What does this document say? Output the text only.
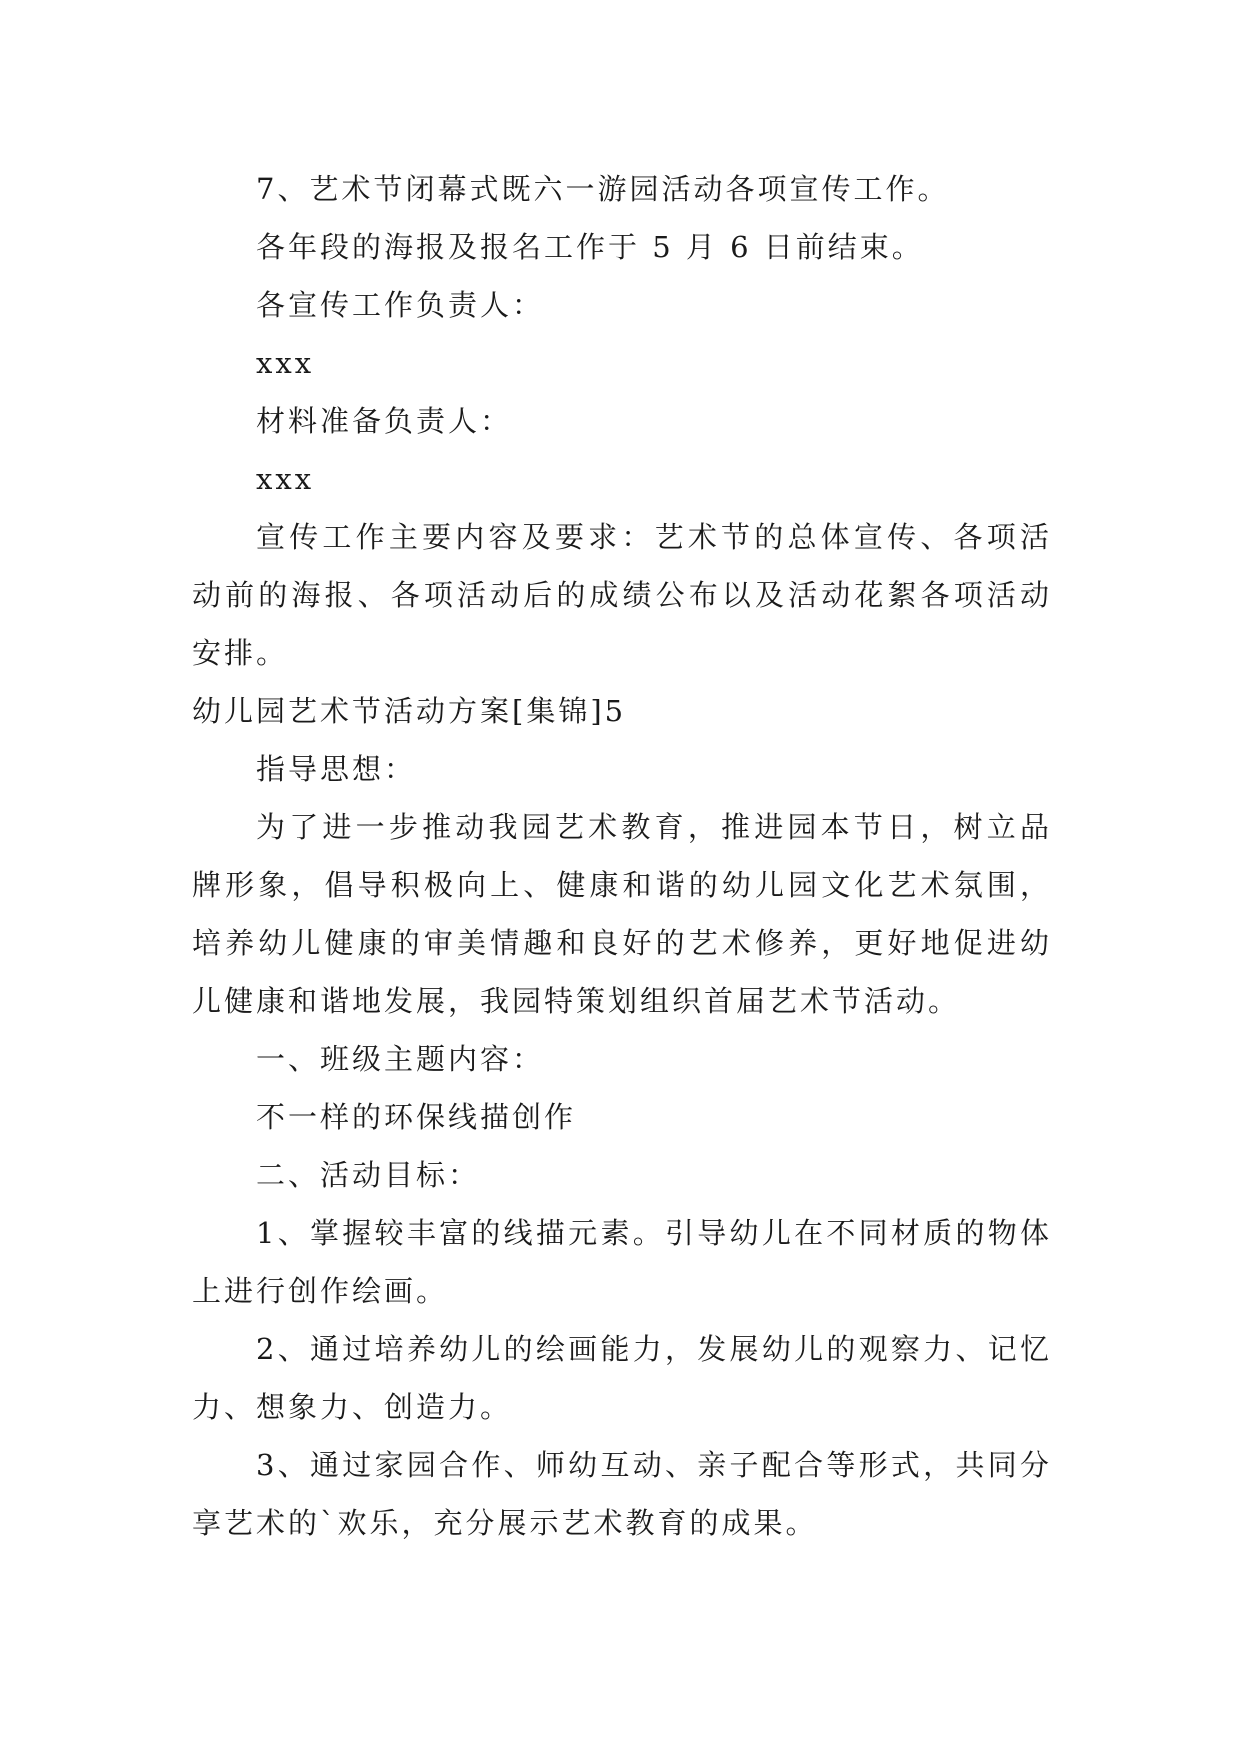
7、艺术节闭幕式既六一游园活动各项宣传工作。

各年段的海报及报名工作于 5 月 6 日前结束。

各宣传工作负责人：

xxx

材料准备负责人：

xxx

宣传工作主要内容及要求：艺术节的总体宣传、各项活动前的海报、各项活动后的成绩公布以及活动花絮各项活动安排。

幼儿园艺术节活动方案[集锦]5

指导思想：

为了进一步推动我园艺术教育，推进园本节日，树立品牌形象，倡导积极向上、健康和谐的幼儿园文化艺术氛围，培养幼儿健康的审美情趣和良好的艺术修养，更好地促进幼儿健康和谐地发展，我园特策划组织首届艺术节活动。

一、班级主题内容：

不一样的环保线描创作

二、活动目标：

1、掌握较丰富的线描元素。引导幼儿在不同材质的物体上进行创作绘画。

2、通过培养幼儿的绘画能力，发展幼儿的观察力、记忆力、想象力、创造力。

3、通过家园合作、师幼互动、亲子配合等形式，共同分享艺术的`欢乐，充分展示艺术教育的成果。
